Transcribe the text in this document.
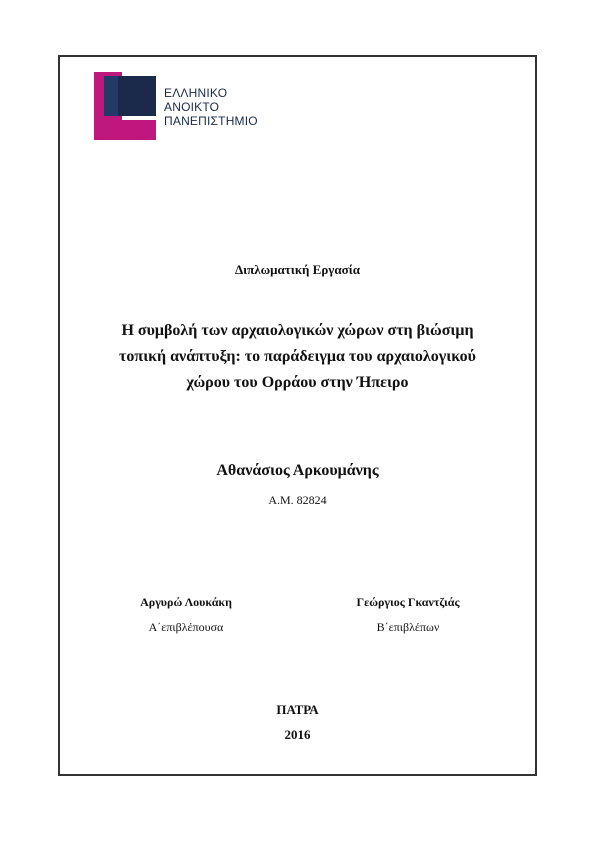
ΕΛΛΗΝΙΚΟ
ΑΝΟΙΚΤΟ
ΠΑΝΕΠΙΣΤΗΜΙΟ
Διπλωματική Εργασία
Η συμβολή των αρχαιολογικών χώρων στη βιώσιμη
τοπική ανάπτυξη: το παράδειγμα του αρχαιολογικού
χώρου του Ορράου στην Ήπειρο
Αθανάσιος Αρκουμάνης
Α.Μ. 82824
Αργυρώ Λουκάκη
Α΄επιβλέπουσα
Γεώργιος Γκαντζιάς
Β΄επιβλέπων
ΠΑΤΡΑ
2016
